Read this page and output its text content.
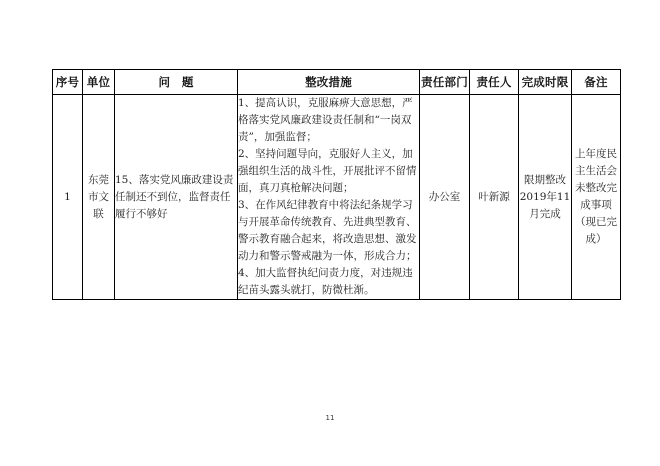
序号	单位	问　题	整改措施	责任部门	责任人	完成时限	备注
1	东莞市文联	15、落实党风廉政建设责任制还不到位，监督责任履行不够好	1、提高认识，克服麻痹大意思想，严格落实党风廉政建设责任制和“一岗双责”，加强监督；
2、坚持问题导向，克服好人主义，加强组织生活的战斗性，开展批评不留情面，真刀真枪解决问题；
3、在作风纪律教育中将法纪条规学习与开展革命传统教育、先进典型教育、警示教育融合起来，将改造思想、激发动力和警示警戒融为一体，形成合力；
4、加大监督执纪问责力度，对违规违纪苗头露头就打，防微杜渐。	办公室	叶新源	限期整改2019年11月完成	上年度民主生活会未整改完成事项（现已完成）
11
